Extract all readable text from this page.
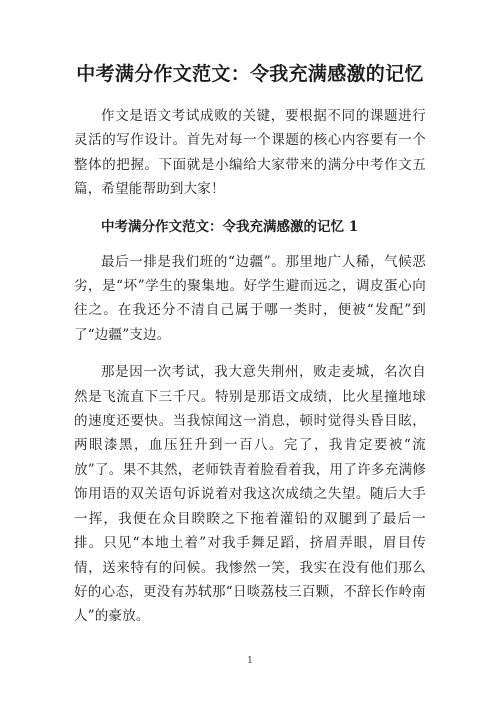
中考满分作文范文：令我充满感激的记忆

作文是语文考试成败的关键，要根据不同的课题进行灵活的写作设计。首先对每一个课题的核心内容要有一个整体的把握。下面就是小编给大家带来的满分中考作文五篇，希望能帮助到大家！

中考满分作文范文：令我充满感激的记忆 1

最后一排是我们班的“边疆”。那里地广人稀，气候恶劣，是“坏”学生的聚集地。好学生避而远之，调皮蛋心向往之。在我还分不清自己属于哪一类时，便被“发配”到了“边疆”支边。

那是因一次考试，我大意失荆州，败走麦城，名次自然是飞流直下三千尺。特别是那语文成绩，比火星撞地球的速度还要快。当我惊闻这一消息，顿时觉得头昏目眩，两眼漆黑，血压狂升到一百八。完了，我肯定要被“流放”了。果不其然，老师铁青着脸看着我，用了许多充满修饰用语的双关语句诉说着对我这次成绩之失望。随后大手一挥，我便在众目睽睽之下拖着灌铅的双腿到了最后一排。只见“本地土着”对我手舞足蹈，挤眉弄眼，眉目传情，送来特有的问候。我惨然一笑，我实在没有他们那么好的心态，更没有苏轼那“日啖荔枝三百颗，不辞长作岭南人”的豪放。

1
